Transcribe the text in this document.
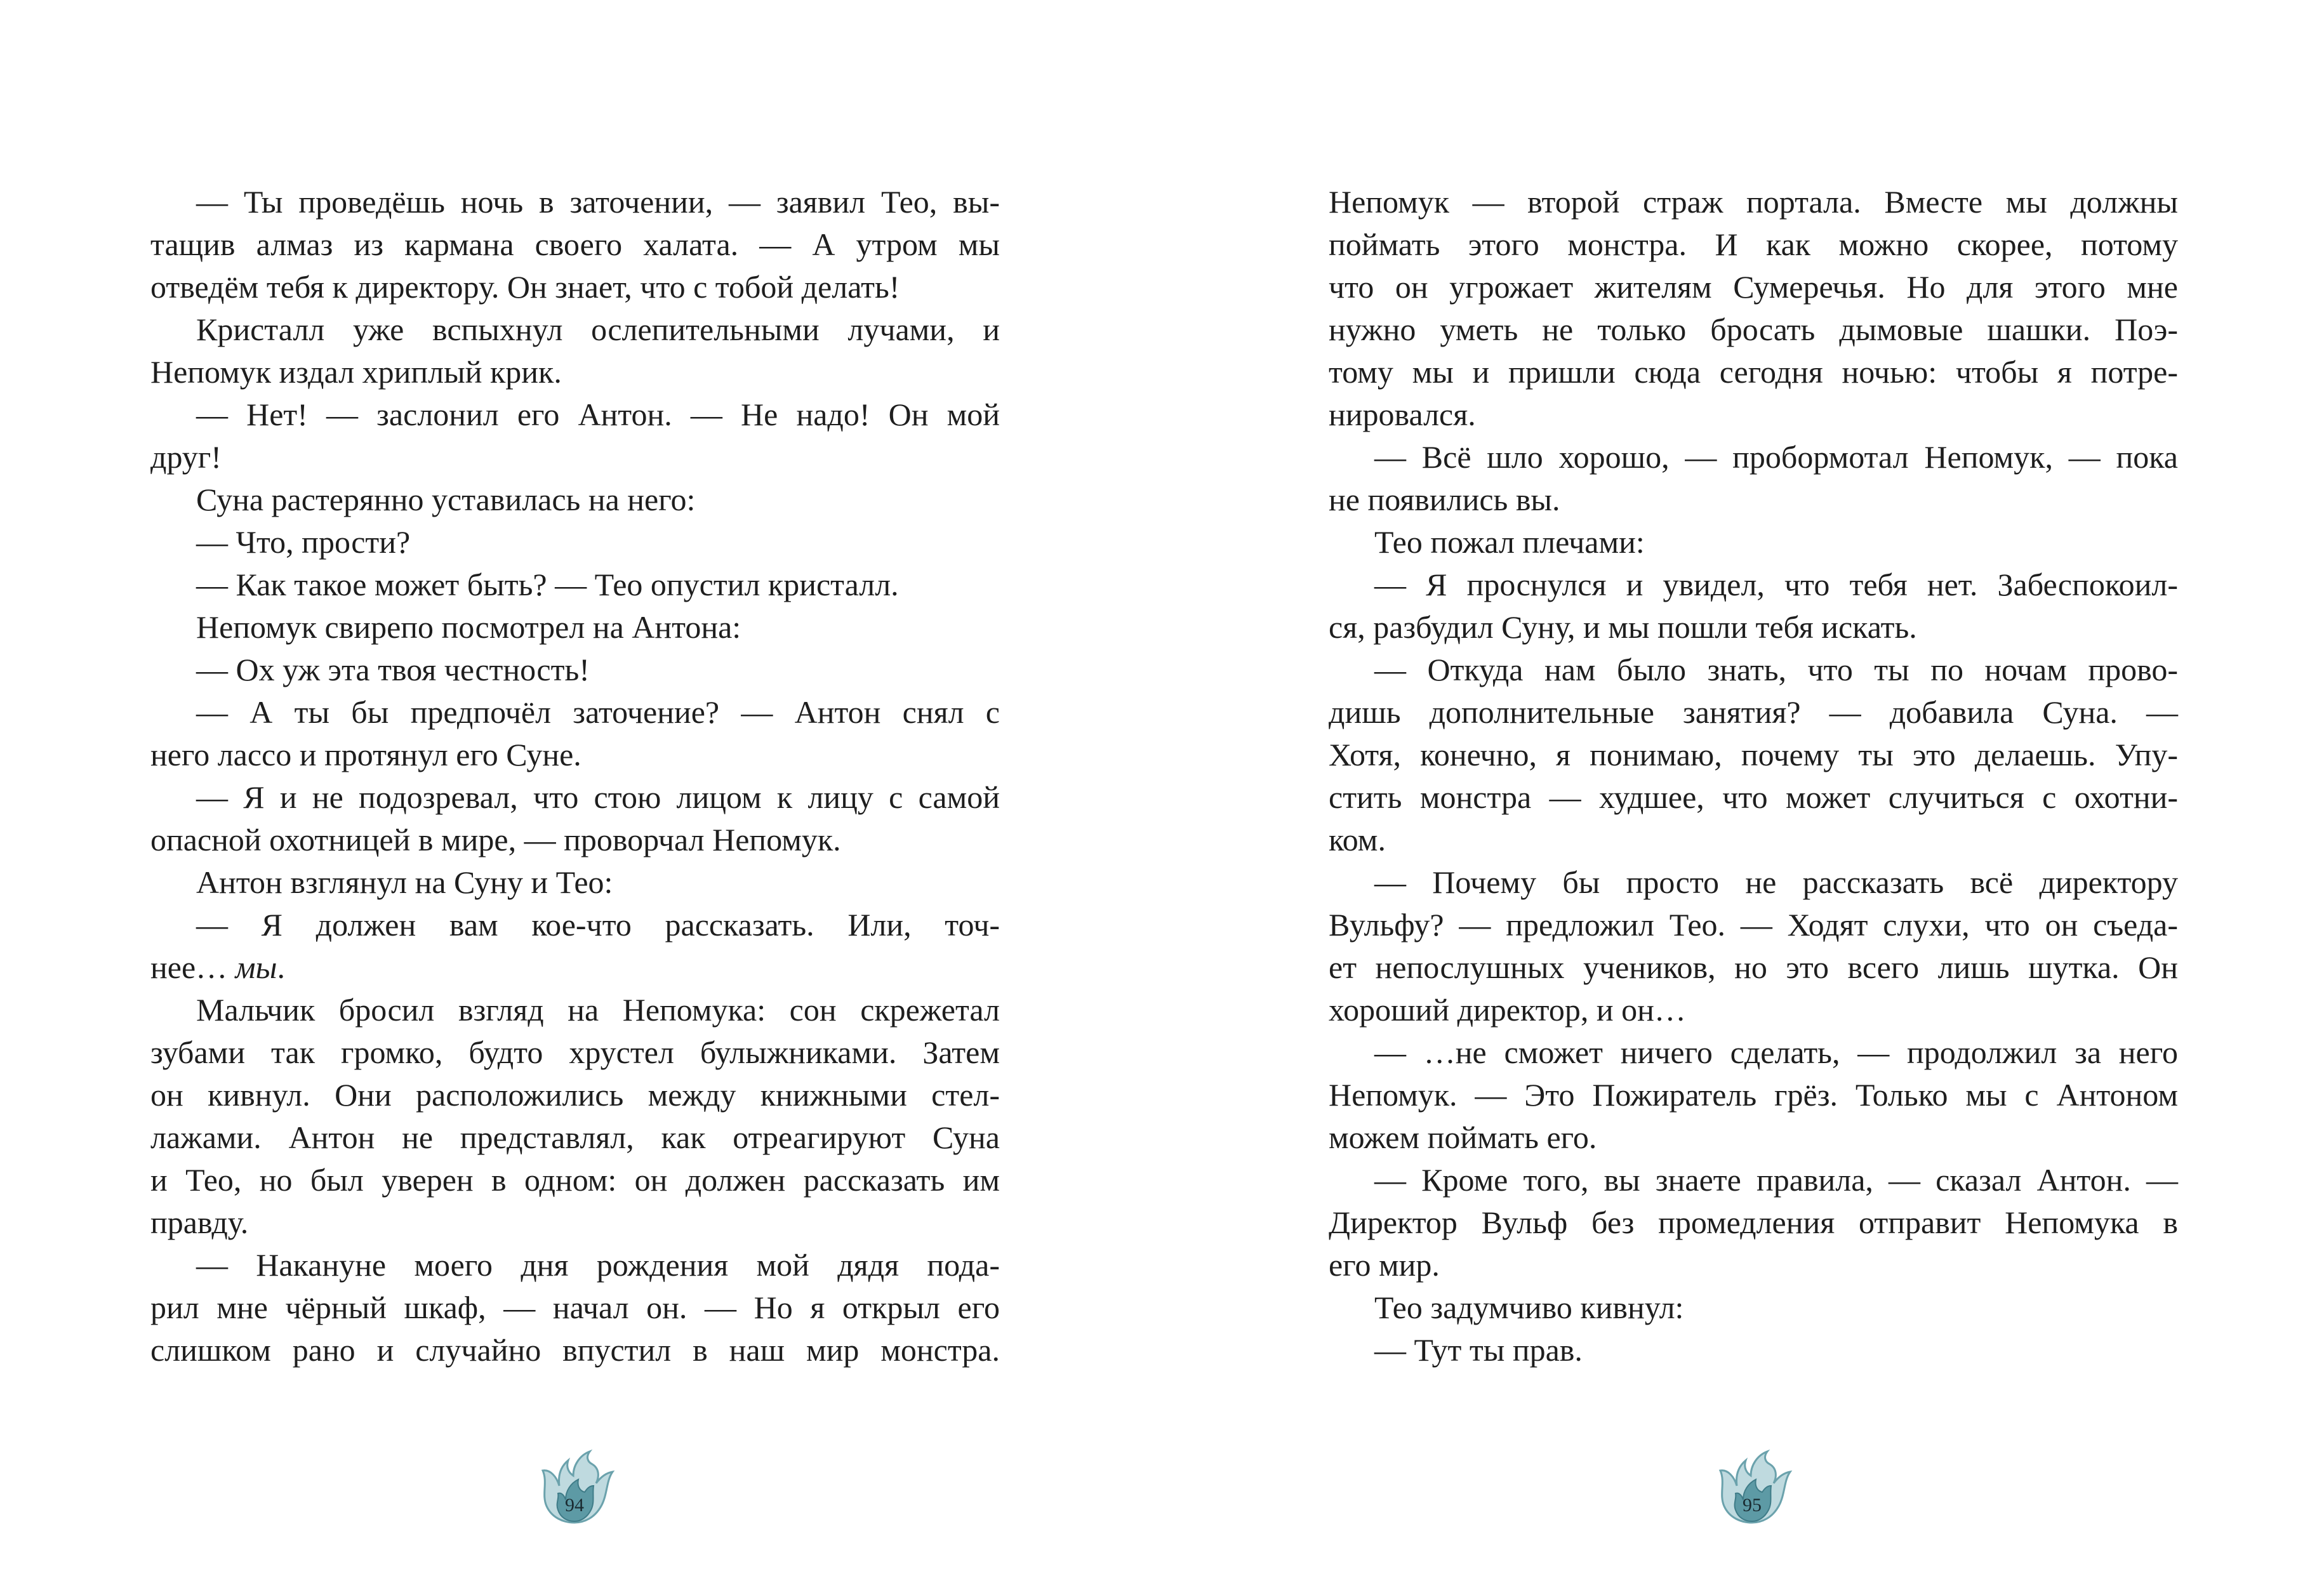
— Ты проведёшь ночь в заточении, — заявил Тео, вы-
тащив алмаз из кармана своего халата. — А утром мы
отведём тебя к директору. Он знает, что с тобой делать!
Кристалл уже вспыхнул ослепительными лучами, и
Непомук издал хриплый крик.
— Нет! — заслонил его Антон. — Не надо! Он мой
друг!
Суна растерянно уставилась на него:
— Что, прости?
— Как такое может быть? — Тео опустил кристалл.
Непомук свирепо посмотрел на Антона:
— Ох уж эта твоя честность!
— А ты бы предпочёл заточение? — Антон снял с
него лассо и протянул его Суне.
— Я и не подозревал, что стою лицом к лицу с самой
опасной охотницей в мире, — проворчал Непомук.
Антон взглянул на Суну и Тео:
— Я должен вам кое-что рассказать. Или, точ-
нее… мы.
Мальчик бросил взгляд на Непомука: сон скрежетал
зубами так громко, будто хрустел булыжниками. Затем
он кивнул. Они расположились между книжными стел-
лажами. Антон не представлял, как отреагируют Суна
и Тео, но был уверен в одном: он должен рассказать им
правду.
— Накануне моего дня рождения мой дядя пода-
рил мне чёрный шкаф, — начал он. — Но я открыл его
слишком рано и случайно впустил в наш мир монстра.
94
Непомук — второй страж портала. Вместе мы должны
поймать этого монстра. И как можно скорее, потому
что он угрожает жителям Сумеречья. Но для этого мне
нужно уметь не только бросать дымовые шашки. Поэ-
тому мы и пришли сюда сегодня ночью: чтобы я потре-
нировался.
— Всё шло хорошо, — пробормотал Непомук, — пока
не появились вы.
Тео пожал плечами:
— Я проснулся и увидел, что тебя нет. Забеспокоил-
ся, разбудил Суну, и мы пошли тебя искать.
— Откуда нам было знать, что ты по ночам прово-
дишь дополнительные занятия? — добавила Суна. —
Хотя, конечно, я понимаю, почему ты это делаешь. Упу-
стить монстра — худшее, что может случиться с охотни-
ком.
— Почему бы просто не рассказать всё директору
Вульфу? — предложил Тео. — Ходят слухи, что он съеда-
ет непослушных учеников, но это всего лишь шутка. Он
хороший директор, и он…
— …не сможет ничего сделать, — продолжил за него
Непомук. — Это Пожиратель грёз. Только мы с Антоном
можем поймать его.
— Кроме того, вы знаете правила, — сказал Антон. —
Директор Вульф без промедления отправит Непомука в
его мир.
Тео задумчиво кивнул:
— Тут ты прав.
95
